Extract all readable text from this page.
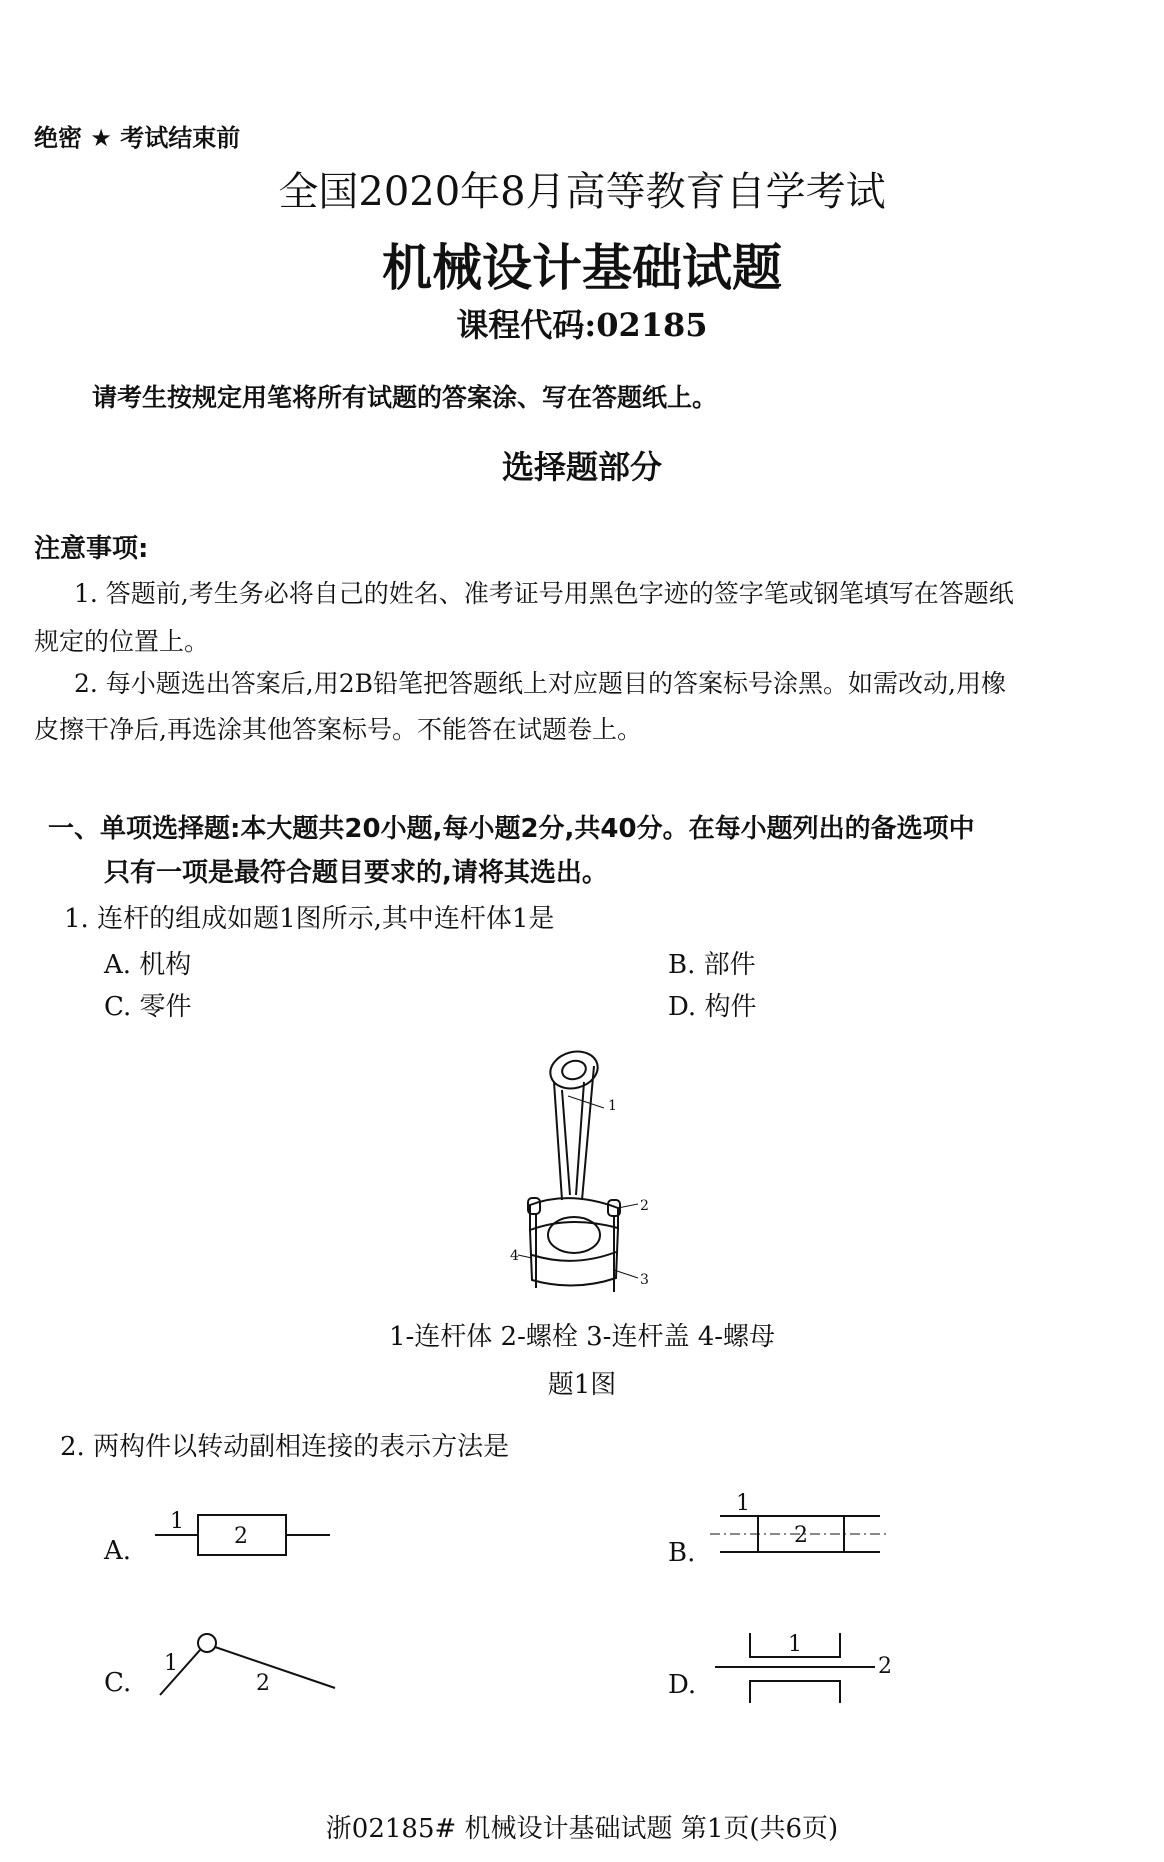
绝密 ★ 考试结束前
全国2020年8月高等教育自学考试
机械设计基础试题
课程代码:02185
请考生按规定用笔将所有试题的答案涂、写在答题纸上。
选择题部分
注意事项:
1. 答题前,考生务必将自己的姓名、准考证号用黑色字迹的签字笔或钢笔填写在答题纸
规定的位置上。
2. 每小题选出答案后,用2B铅笔把答题纸上对应题目的答案标号涂黑。如需改动,用橡
皮擦干净后,再选涂其他答案标号。不能答在试题卷上。
一、单项选择题:本大题共20小题,每小题2分,共40分。在每小题列出的备选项中
只有一项是最符合题目要求的,请将其选出。
1. 连杆的组成如题1图所示,其中连杆体1是
A. 机构	B. 部件
C. 零件	D. 构件
1
2
3
4
1-连杆体 2-螺栓 3-连杆盖 4-螺母
题1图
2. 两构件以转动副相连接的表示方法是
A.
1
2
B.
1
2
C.
1
2	D.
1
2
浙02185# 机械设计基础试题 第1页(共6页)
